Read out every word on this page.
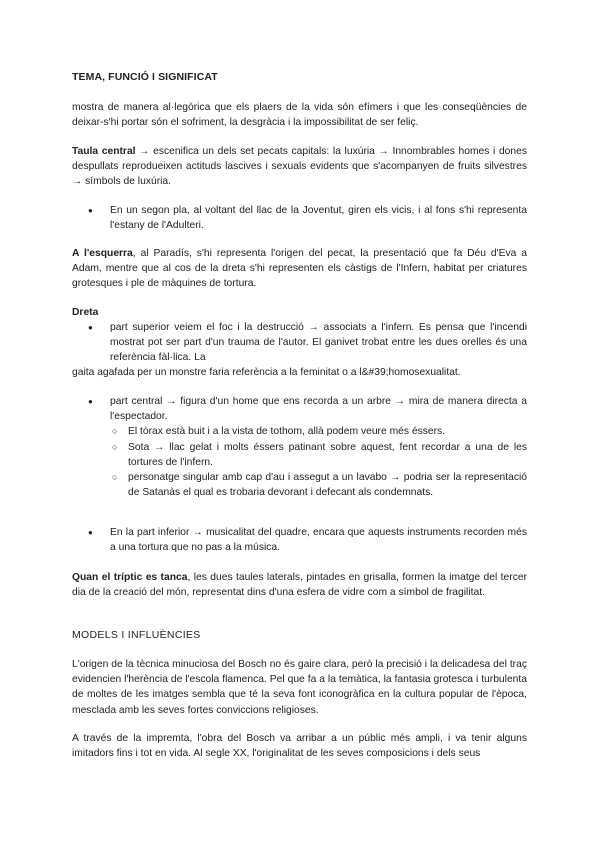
TEMA, FUNCIÓ I SIGNIFICAT

mostra de manera al·legòrica que els plaers de la vida són efímers i que les conseqüències de deixar-s'hi portar són el sofriment, la desgràcia i la impossibilitat de ser feliç.

Taula central → escenifica un dels set pecats capitals: la luxúria → Innombrables homes i dones despullats reprodueixen actituds lascives i sexuals evidents que s'acompanyen de fruits silvestres → símbols de luxúria.

● En un segon pla, al voltant del llac de la Joventut, giren els vicis, i al fons s'hi representa l'estany de l'Adulteri.

A l'esquerra, al Paradís, s'hi representa l'origen del pecat, la presentació que fa Déu d'Eva a Adam, mentre que al cos de la dreta s'hi representen els càstigs de l'Infern, habitat per criatures grotesques i ple de màquines de tortura.

Dreta
● part superior veiem el foc i la destrucció → associats a l'infern. Es pensa que l'incendi mostrat pot ser part d'un trauma de l'autor. El ganivet trobat entre les dues orelles és una referència fàl·lica. La

gaita agafada per un monstre faria referència a la feminitat o a l&#39;homosexualitat.

● part central → figura d'un home que ens recorda a un arbre → mira de manera directa a l'espectador.
○ El tòrax està buit i a la vista de tothom, allà podem veure més éssers.
○ Sota → llac gelat i molts éssers patinant sobre aquest, fent recordar a una de les tortures de l'infern.
○ personatge singular amb cap d'au i assegut a un lavabo → podria ser la representació de Satanàs el qual es trobaria devorant i defecant als condemnats.
● En la part inferior → musicalitat del quadre, encara que aquests instruments recorden més a una tortura que no pas a la música.

Quan el tríptic es tanca, les dues taules laterals, pintades en grisalla, formen la imatge del tercer dia de la creació del món, representat dins d'una esfera de vidre com a símbol de fragilitat.

MODELS I INFLUÈNCIES

L'origen de la tècnica minuciosa del Bosch no és gaire clara, però la precisió i la delicadesa del traç evidencien l'herència de l'escola flamenca. Pel que fa a la temàtica, la fantasia grotesca i turbulenta de moltes de les imatges sembla que té la seva font iconogràfica en la cultura popular de l'època, mesclada amb les seves fortes conviccions religioses.

A través de la impremta, l'obra del Bosch va arribar a un públic més ampli, i va tenir alguns imitadors fins i tot en vida. Al segle XX, l'originalitat de les seves composicions i dels seus
